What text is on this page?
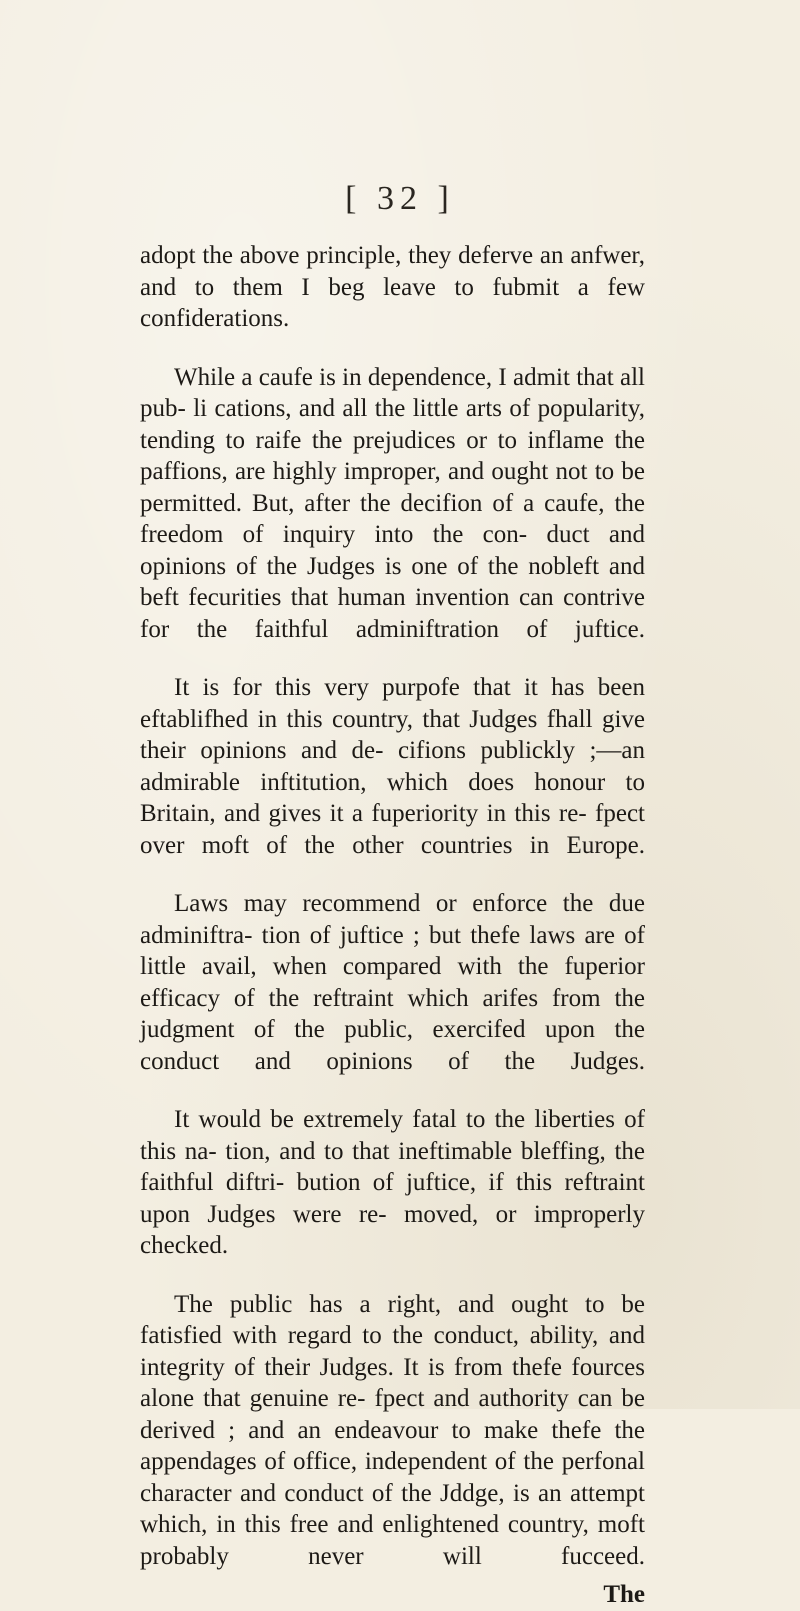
[ 32 ]

adopt the above principle, they deferve an anfwer, and to them I beg leave to fubmit a few confiderations.

While a caufe is in dependence, I admit that all pub- li cations, and all the little arts of popularity, tending to raife the prejudices or to inflame the paffions, are highly improper, and ought not to be permitted. But, after the decifion of a caufe, the freedom of inquiry into the con- duct and opinions of the Judges is one of the nobleft and beft fecurities that human invention can contrive for the faithful adminiftration of juftice.

It is for this very purpofe that it has been eftablifhed in this country, that Judges fhall give their opinions and de- cifions publickly ;—an admirable inftitution, which does honour to Britain, and gives it a fuperiority in this re- fpect over moft of the other countries in Europe.

Laws may recommend or enforce the due adminiftra- tion of juftice ; but thefe laws are of little avail, when compared with the fuperior efficacy of the reftraint which arifes from the judgment of the public, exercifed upon the conduct and opinions of the Judges.

It would be extremely fatal to the liberties of this na- tion, and to that ineftimable bleffing, the faithful diftri- bution of juftice, if this reftraint upon Judges were re- moved, or improperly checked.

The public has a right, and ought to be fatisfied with regard to the conduct, ability, and integrity of their Judges. It is from thefe fources alone that genuine re- fpect and authority can be derived ; and an endeavour to make thefe the appendages of office, independent of the perfonal character and conduct of the Jddge, is an attempt which, in this free and enlightened country, moft probably never will fucceed.

The
